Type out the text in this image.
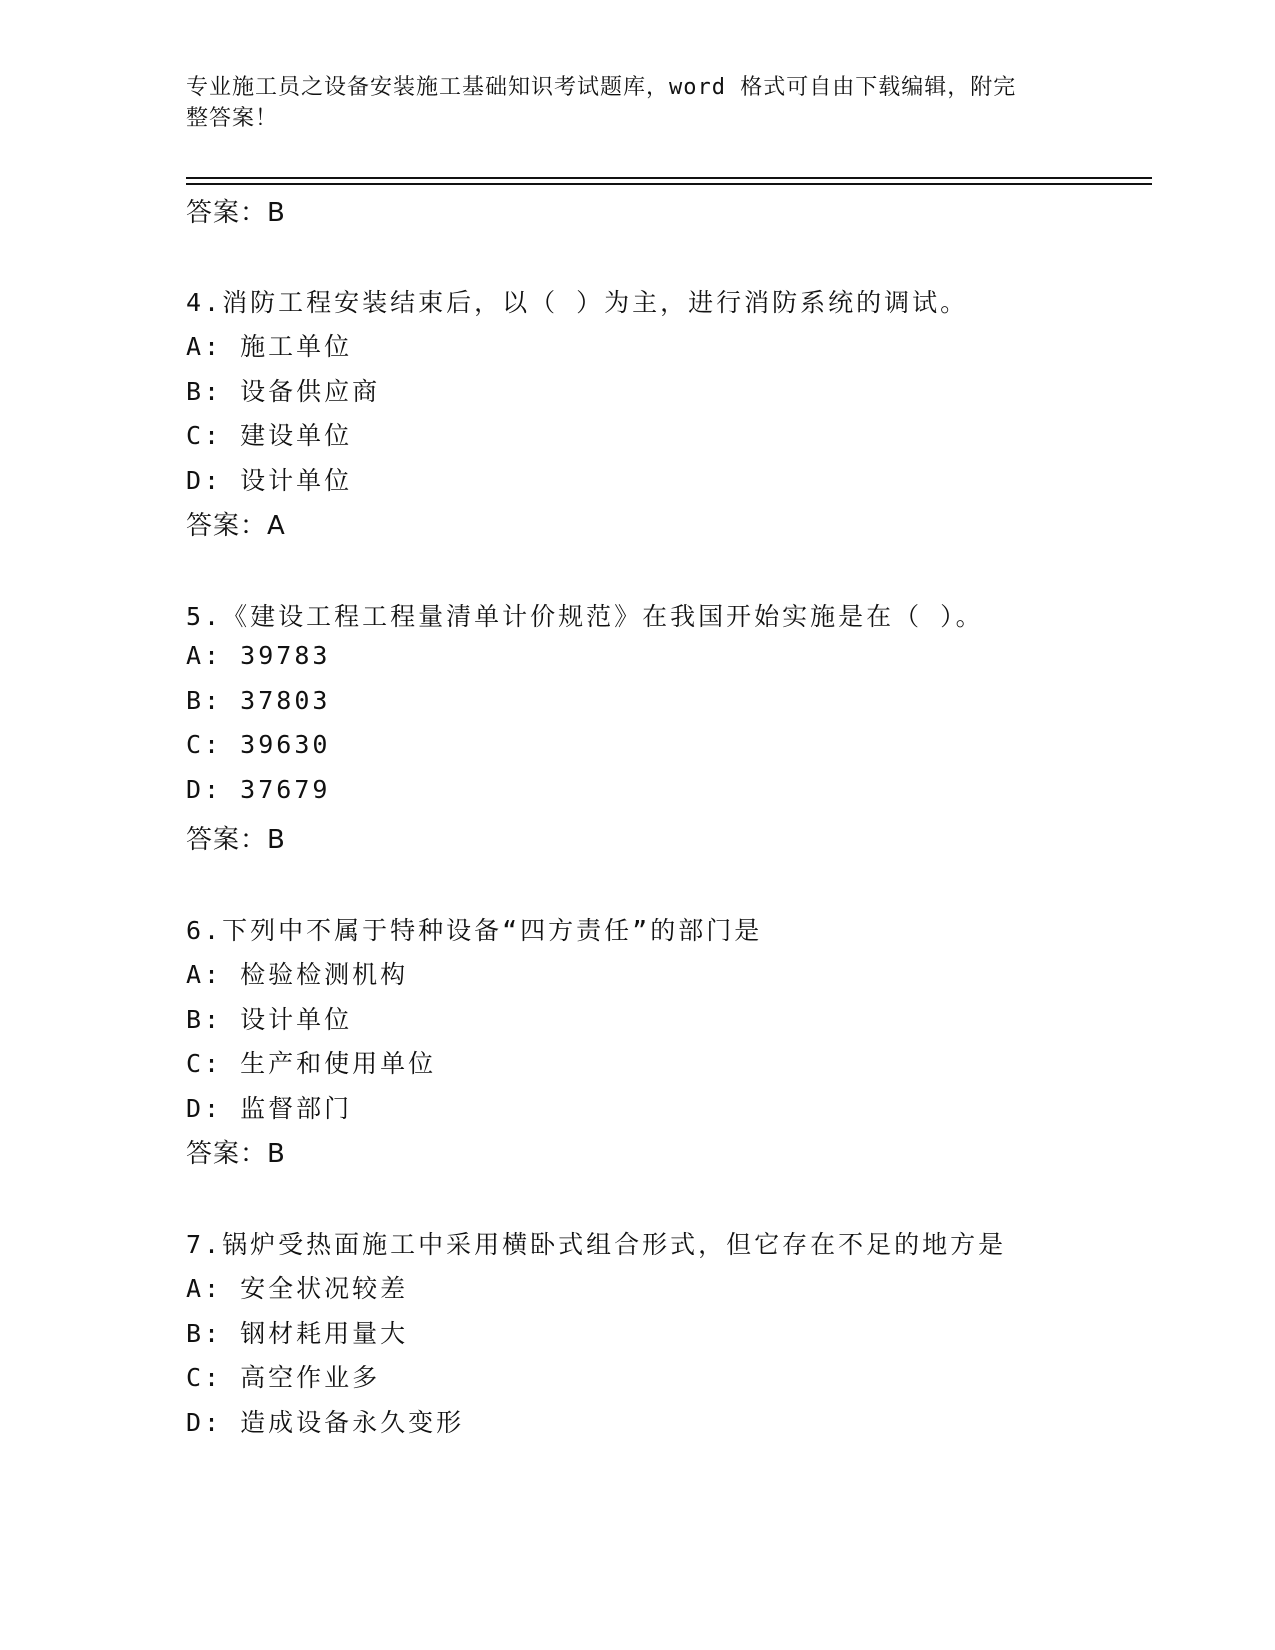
专业施工员之设备安装施工基础知识考试题库，word 格式可自由下载编辑，附完
整答案！
答案：B
4.消防工程安装结束后，以（ ）为主，进行消防系统的调试。
A: 施工单位
B: 设备供应商
C: 建设单位
D: 设计单位
答案：A
5.《建设工程工程量清单计价规范》在我国开始实施是在（ ）。
A: 39783
B: 37803
C: 39630
D: 37679
答案：B
6.下列中不属于特种设备“四方责任”的部门是
A: 检验检测机构
B: 设计单位
C: 生产和使用单位
D: 监督部门
答案：B
7.锅炉受热面施工中采用横卧式组合形式，但它存在不足的地方是
A: 安全状况较差
B: 钢材耗用量大
C: 高空作业多
D: 造成设备永久变形
